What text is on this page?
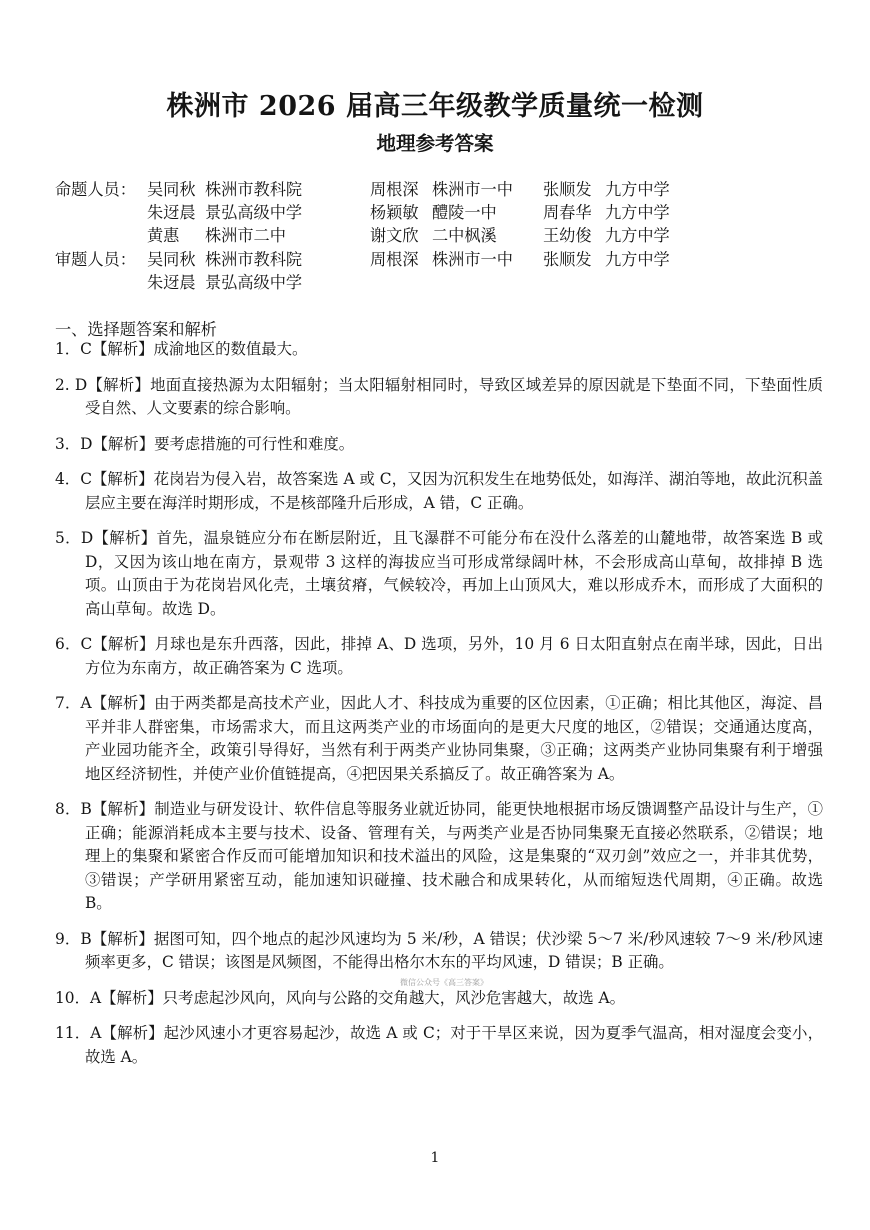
株洲市 2026 届高三年级教学质量统一检测
地理参考答案
命题人员： 吴同秋 株洲市教科院	周根深 株洲市一中	张顺发 九方中学
朱迓晨 景弘高级中学	杨颖敏 醴陵一中	周春华 九方中学
黄惠	株洲市二中	谢文欣 二中枫溪	王幼俊 九方中学
审题人员： 吴同秋 株洲市教科院	周根深 株洲市一中	张顺发 九方中学
朱迓晨 景弘高级中学
一、选择题答案和解析
1．C【解析】成渝地区的数值最大。
2. D【解析】地面直接热源为太阳辐射；当太阳辐射相同时，导致区域差异的原因就是下垫面不同，下垫面性质受自然、人文要素的综合影响。
3．D【解析】要考虑措施的可行性和难度。
4．C【解析】花岗岩为侵入岩，故答案选 A 或 C，又因为沉积发生在地势低处，如海洋、湖泊等地，故此沉积盖层应主要在海洋时期形成，不是核部隆升后形成，A 错，C 正确。
5．D【解析】首先，温泉链应分布在断层附近，且飞瀑群不可能分布在没什么落差的山麓地带，故答案选 B 或 D，又因为该山地在南方，景观带 3 这样的海拔应当可形成常绿阔叶林，不会形成高山草甸，故排掉 B 选项。山顶由于为花岗岩风化壳，土壤贫瘠，气候较冷，再加上山顶风大，难以形成乔木，而形成了大面积的高山草甸。故选 D。
6．C【解析】月球也是东升西落，因此，排掉 A、D 选项，另外，10 月 6 日太阳直射点在南半球，因此，日出方位为东南方，故正确答案为 C 选项。
7．A【解析】由于两类都是高技术产业，因此人才、科技成为重要的区位因素，①正确；相比其他区，海淀、昌平并非人群密集，市场需求大，而且这两类产业的市场面向的是更大尺度的地区，②错误；交通通达度高，产业园功能齐全，政策引导得好，当然有利于两类产业协同集聚，③正确；这两类产业协同集聚有利于增强地区经济韧性，并使产业价值链提高，④把因果关系搞反了。故正确答案为 A。
8．B【解析】制造业与研发设计、软件信息等服务业就近协同，能更快地根据市场反馈调整产品设计与生产，①正确；能源消耗成本主要与技术、设备、管理有关，与两类产业是否协同集聚无直接必然联系，②错误；地理上的集聚和紧密合作反而可能增加知识和技术溢出的风险，这是集聚的“双刃剑”效应之一，并非其优势，③错误；产学研用紧密互动，能加速知识碰撞、技术融合和成果转化，从而缩短迭代周期，④正确。故选 B。
9．B【解析】据图可知，四个地点的起沙风速均为 5 米/秒，A 错误；伏沙梁 5～7 米/秒风速较 7～9 米/秒风速频率更多，C 错误；该图是风频图，不能得出格尔木东的平均风速，D 错误；B 正确。
10．A【解析】只考虑起沙风向，风向与公路的交角越大，风沙危害越大，故选 A。
11．A【解析】起沙风速小才更容易起沙，故选 A 或 C；对于干旱区来说，因为夏季气温高，相对湿度会变小，故选 A。
微信公众号《高三答案》
1
